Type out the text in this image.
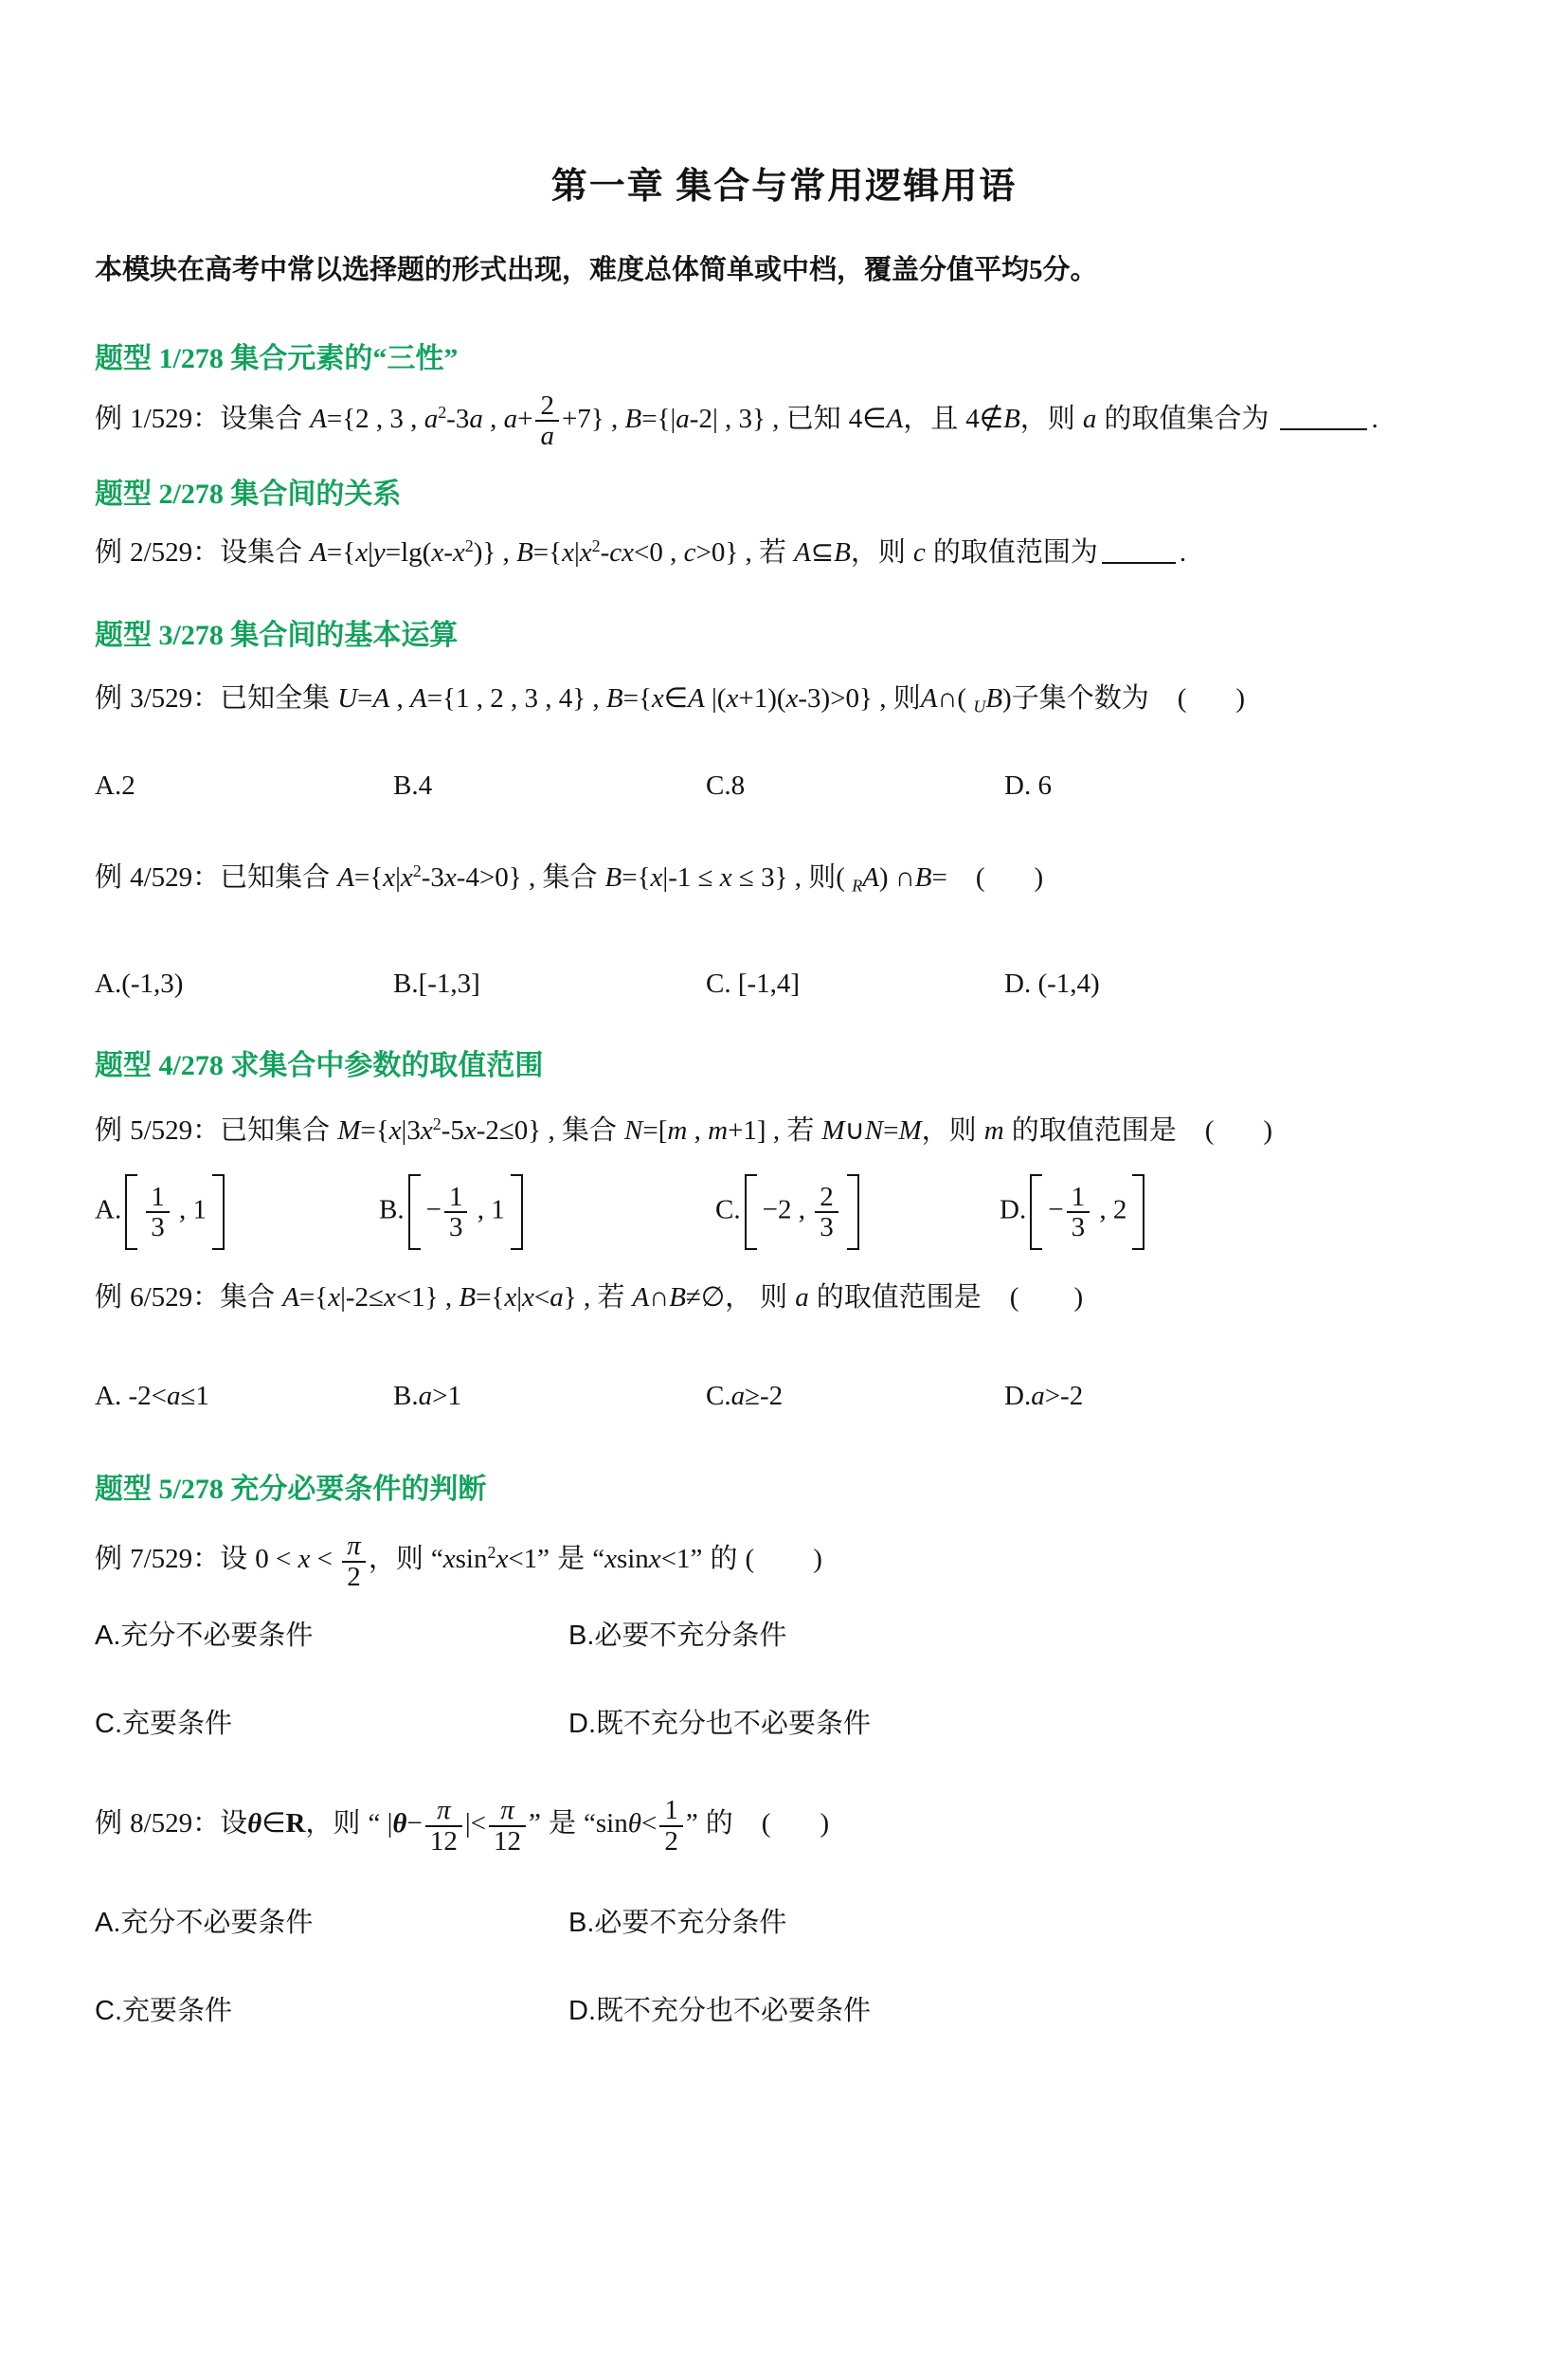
第一章 集合与常用逻辑用语
本模块在高考中常以选择题的形式出现，难度总体简单或中档，覆盖分值平均5分。
题型 1/278 集合元素的“三性”
例 1/529：设集合 A={2 , 3 , $a^2-3a$ , $a+ \frac{2}{a} +7$} , B={|a-2| , 3} , 已知 4∈A，且 4∉B，则 a 的取值集合为	.
题型 2/278 集合间的关系
例 2/529：设集合 $A=\{x|y=\lg(x-x^2)\}$ , $B=\{x|x^2-cx<0$ , c>0} , 若 A⊆B，则 c 的取值范围为	.
题型 3/278 集合间的基本运算
例 3/529：已知全集 U=A , A={1 , 2 , 3 , 4} , B={x∈A |(x+1)(x-3)>0} , 则A∩( $_U$B)子集个数为 ( )
A.2	B.4	C.8	D. 6
例 4/529：已知集合 $A=\{x|x^2-3x-4>0\}$ , 集合 B={x|-1 ≤ x ≤ 3} , 则( $_R$A) ∩B= ( )
A.(-1,3)	B.[-1,3]	C. [-1,4]	D. (-1,4)
题型 4/278 求集合中参数的取值范围
例 5/529：已知集合 $M=\{x|3x^2-5x-2\le 0\}$ , 集合 N=[m , m+1] , 若 M∪N=M，则 m 的取值范围是 ( )
A. $\frac{1}{3}$ , 1	B. − $\frac{1}{3}$ , 1	C. −2 , $\frac{2}{3}$	D. − $\frac{1}{3}$ , 2
例 6/529：集合 A={x|-2≤x<1} , B={x|x<a} , 若 A∩B≠∅， 则 a 的取值范围是 ( )
A. -2<a≤1	B.a>1	C.a≥-2	D.a>-2
题型 5/278 充分必要条件的判断
例 7/529：设 $0 < x < \frac{\pi}{2}$ ，则 “xsin$^2$x<1” 是 “xsinx<1” 的 ( )
A.充分不必要条件	B.必要不充分条件
C.充要条件	D.既不充分也不必要条件
例 8/529：设θ∈R，则 “ $|\theta- \frac{\pi}{12}$ |< $\frac{\pi}{12}$ ” 是 “$\sin\theta< \frac{1}{2}$ ” 的 ( )
A.充分不必要条件	B.必要不充分条件
C.充要条件	D.既不充分也不必要条件
